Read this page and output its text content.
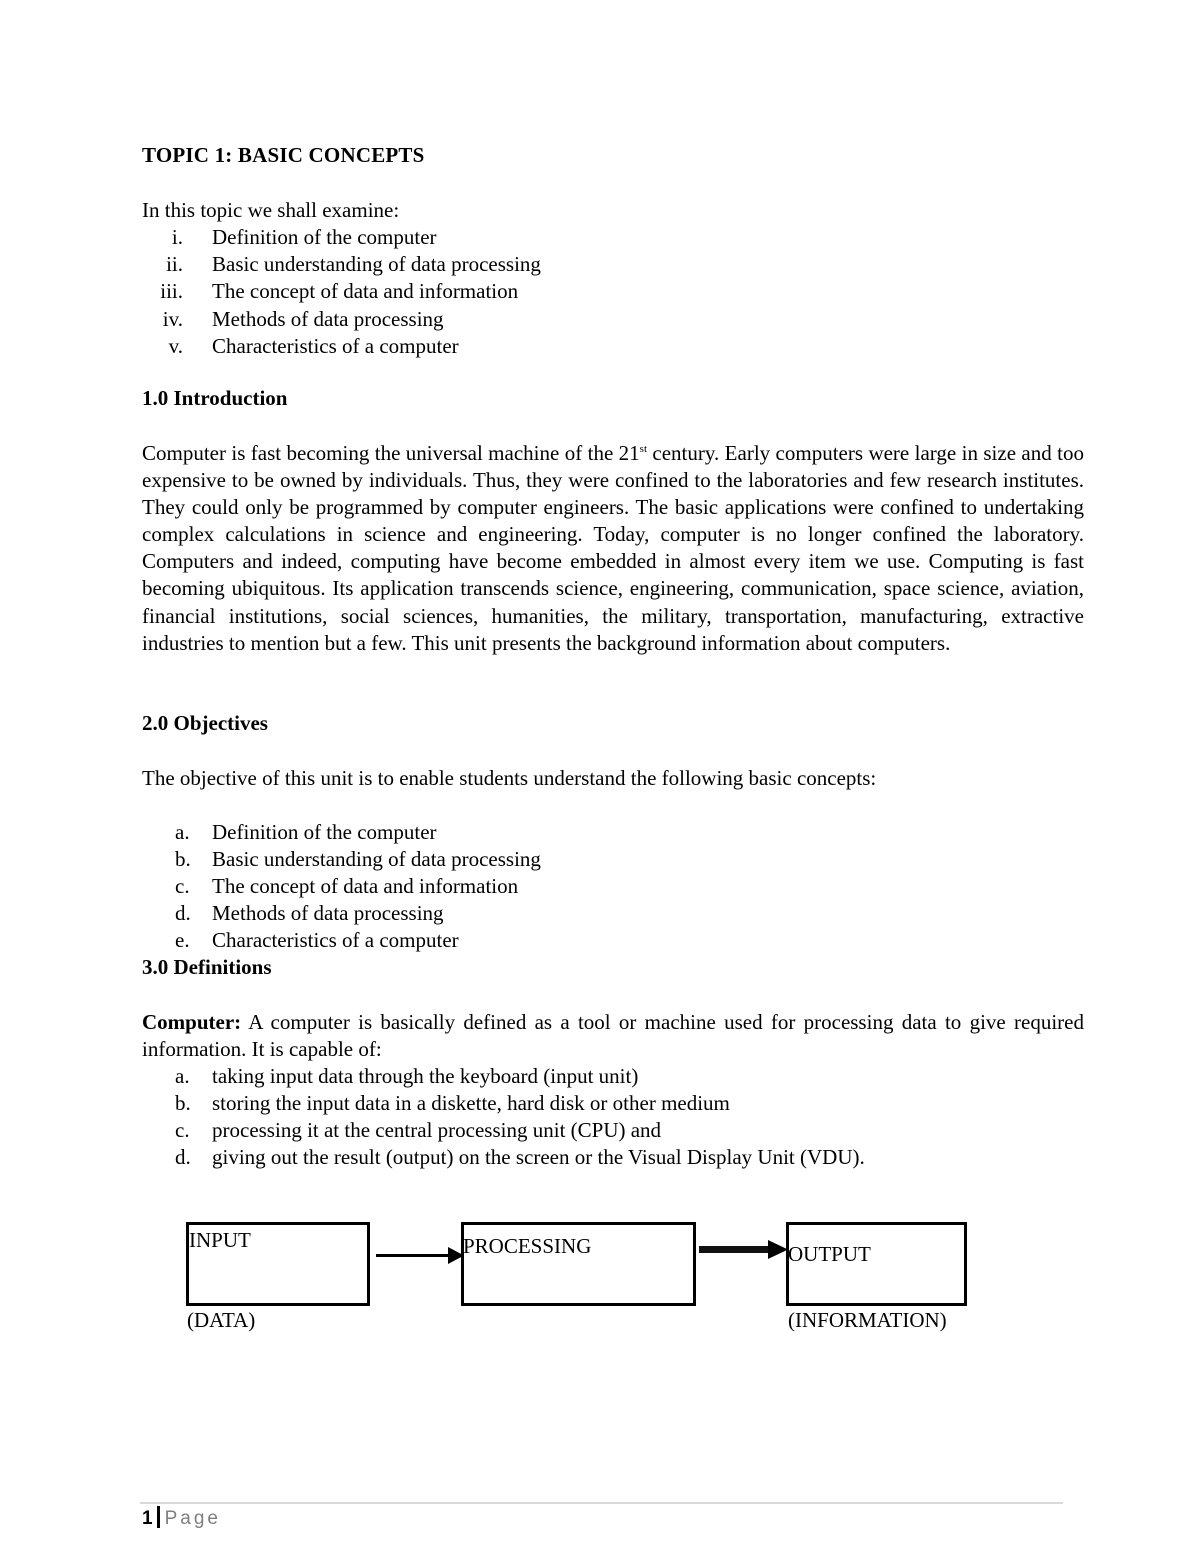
TOPIC 1: BASIC CONCEPTS
In this topic we shall examine:
i. Definition of the computer
ii. Basic understanding of data processing
iii. The concept of data and information
iv. Methods of data processing
v. Characteristics of a computer
1.0 Introduction
Computer is fast becoming the universal machine of the 21st century. Early computers were large in size and too expensive to be owned by individuals. Thus, they were confined to the laboratories and few research institutes. They could only be programmed by computer engineers. The basic applications were confined to undertaking complex calculations in science and engineering. Today, computer is no longer confined the laboratory. Computers and indeed, computing have become embedded in almost every item we use. Computing is fast becoming ubiquitous. Its application transcends science, engineering, communication, space science, aviation, financial institutions, social sciences, humanities, the military, transportation, manufacturing, extractive industries to mention but a few. This unit presents the background information about computers.
2.0 Objectives
The objective of this unit is to enable students understand the following basic concepts:
a. Definition of the computer
b. Basic understanding of data processing
c. The concept of data and information
d. Methods of data processing
e. Characteristics of a computer
3.0 Definitions
Computer: A computer is basically defined as a tool or machine used for processing data to give required information. It is capable of:
a. taking input data through the keyboard (input unit)
b. storing the input data in a diskette, hard disk or other medium
c. processing it at the central processing unit (CPU) and
d. giving out the result (output) on the screen or the Visual Display Unit (VDU).
INPUT
(DATA)
PROCESSING	OUTPUT
(INFORMATION)
1 Page
